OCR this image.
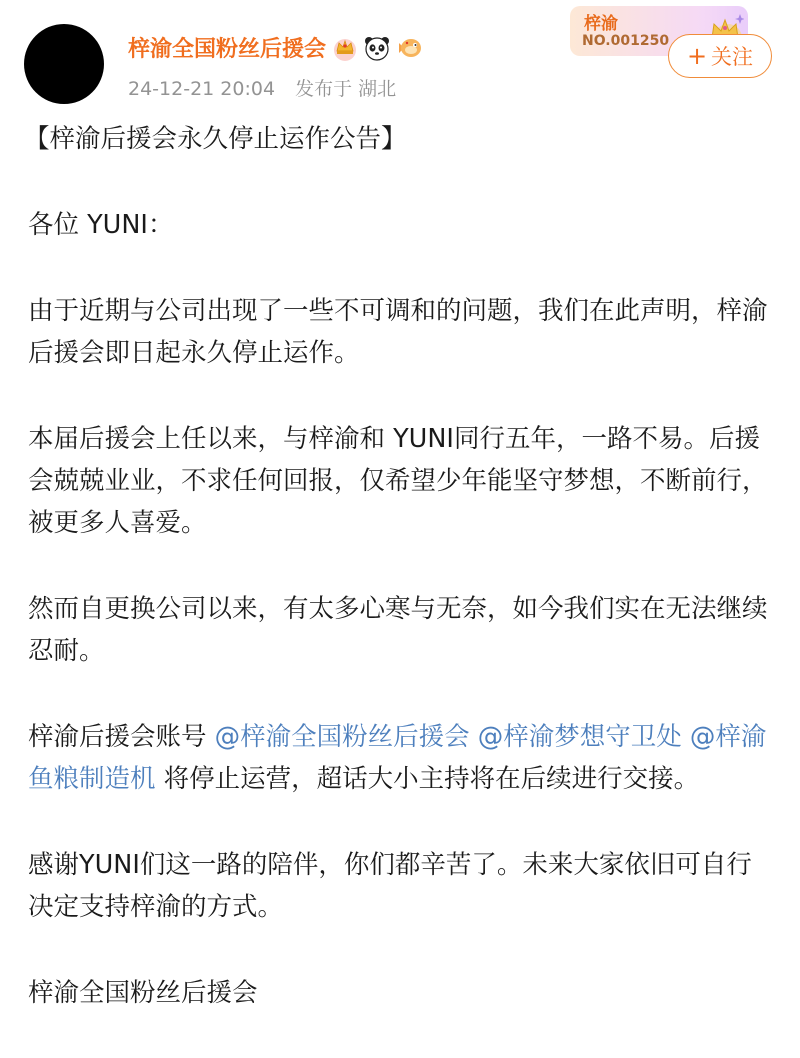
梓渝全国粉丝后援会
24-12-21 20:04 发布于 湖北
梓渝
NO.001250
+ 关注

【梓渝后援会永久停止运作公告】

各位 YUNI：

由于近期与公司出现了一些不可调和的问题，我们在此声明，梓渝后援会即日起永久停止运作。

本届后援会上任以来，与梓渝和 YUNI同行五年，一路不易。后援会兢兢业业，不求任何回报，仅希望少年能坚守梦想，不断前行，被更多人喜爱。

然而自更换公司以来，有太多心寒与无奈，如今我们实在无法继续忍耐。

梓渝后援会账号 @梓渝全国粉丝后援会 @梓渝梦想守卫处 @梓渝鱼粮制造机 将停止运营，超话大小主持将在后续进行交接。

感谢YUNI们这一路的陪伴，你们都辛苦了。未来大家依旧可自行决定支持梓渝的方式。

梓渝全国粉丝后援会
